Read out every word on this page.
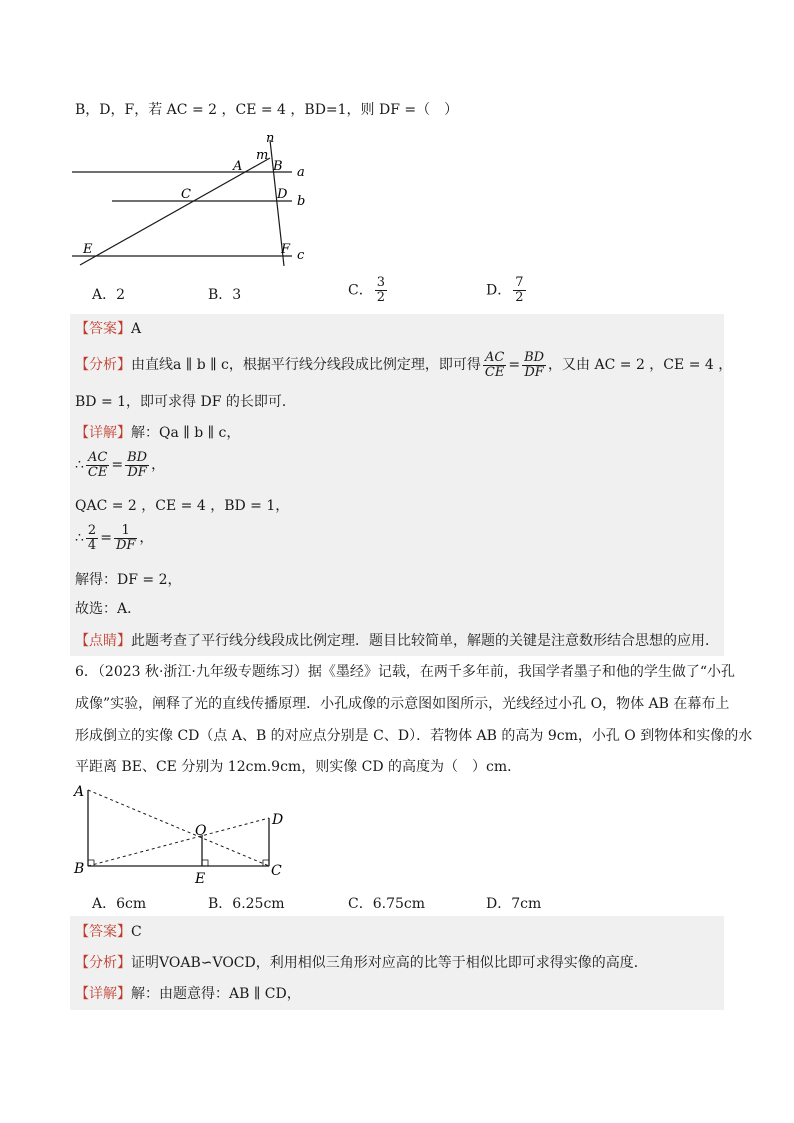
B，D，F，若 AC = 2 ，CE = 4 ，BD=1，则 DF =（　）
n
m
A B a
C	D b
E	F c
A．2	B．3	C． $\frac{3}{2}$	D． $\frac{7}{2}$
【答案】A
【分析】由直线a ∥ b ∥ c，根据平行线分线段成比例定理，即可得 $\frac{AC}{CE} = \frac{BD}{DF}$ ，又由 AC = 2 ，CE = 4 ，
BD = 1，即可求得 DF 的长即可．
【详解】解：Qa ∥ b ∥ c，
∴ $\frac{AC}{CE} = \frac{BD}{DF}$ ，
QAC = 2 ，CE = 4 ，BD = 1，
∴ $\frac{2}{4} = \frac{1}{DF}$ ，
解得：DF = 2，
故选：A．
【点睛】此题考查了平行线分线段成比例定理．题目比较简单，解题的关键是注意数形结合思想的应用．
6．（2023 秋·浙江·九年级专题练习）据《墨经》记载，在两千多年前，我国学者墨子和他的学生做了“小孔
成像”实验，阐释了光的直线传播原理．小孔成像的示意图如图所示，光线经过小孔 O，物体 AB 在幕布上
形成倒立的实像 CD（点 A、B 的对应点分别是 C、D）．若物体 AB 的高为 9cm，小孔 O 到物体和实像的水
平距离 BE、CE 分别为 12cm.9cm，则实像 CD 的高度为（　）cm．
A
B	C
D
E
O
A．6cm	B．6.25cm	C．6.75cm	D．7cm
【答案】C
【分析】证明VOAB∽VOCD，利用相似三角形对应高的比等于相似比即可求得实像的高度．
【详解】解：由题意得：AB ∥ CD，
